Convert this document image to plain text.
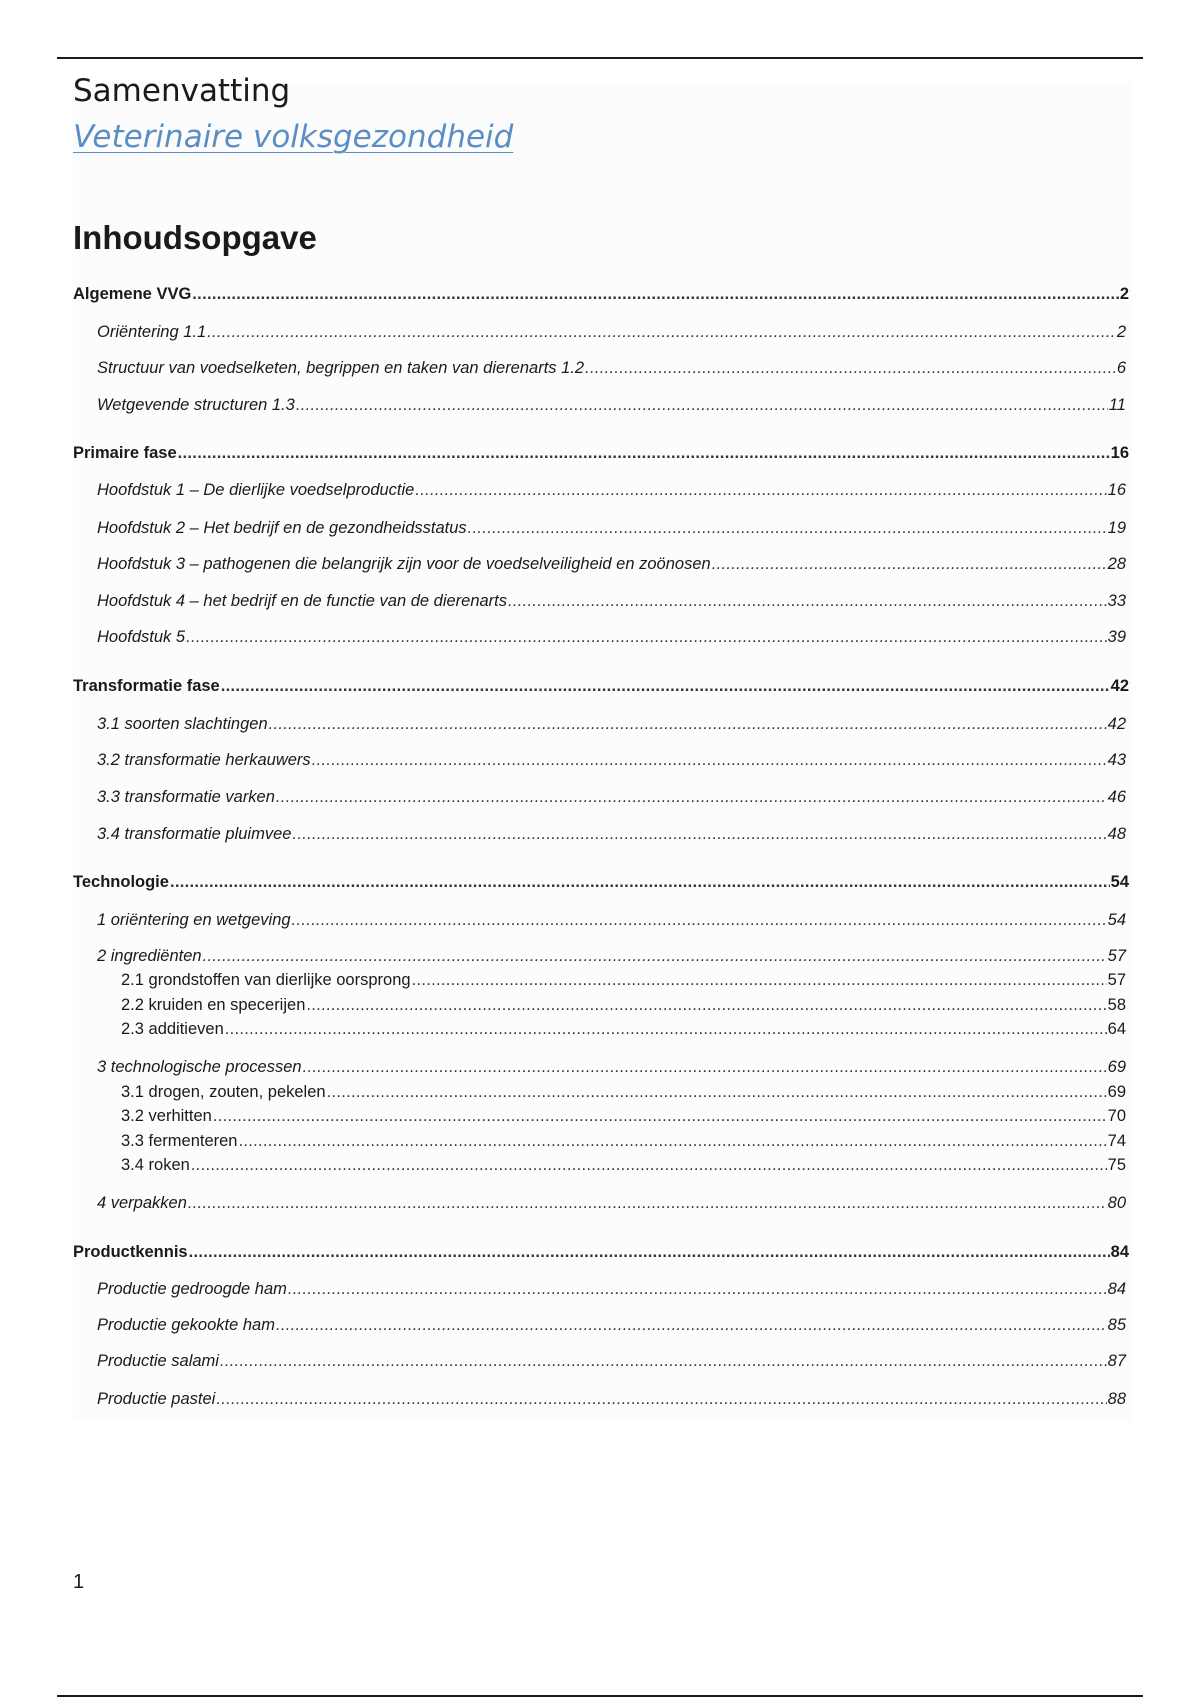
Samenvatting
Veterinaire volksgezondheid
Inhoudsopgave
Algemene VVG .....	2
Oriëntering 1.1 .....	2
Structuur van voedselketen, begrippen en taken van dierenarts 1.2 .....	6
Wetgevende structuren 1.3 .....	11
Primaire fase .....	16
Hoofdstuk 1 – De dierlijke voedselproductie .....	16
Hoofdstuk 2 – Het bedrijf en de gezondheidsstatus .....	19
Hoofdstuk 3 – pathogenen die belangrijk zijn voor de voedselveiligheid en zoönosen .....	28
Hoofdstuk 4 – het bedrijf en de functie van de dierenarts .....	33
Hoofdstuk 5 .....	39
Transformatie fase .....	42
3.1 soorten slachtingen .....	42
3.2 transformatie herkauwers .....	43
3.3 transformatie varken .....	46
3.4 transformatie pluimvee .....	48
Technologie .....	54
1 oriëntering en wetgeving .....	54
2 ingrediënten .....	57
2.1 grondstoffen van dierlijke oorsprong .....	57
2.2 kruiden en specerijen .....	58
2.3 additieven .....	64
3 technologische processen .....	69
3.1 drogen, zouten, pekelen .....	69
3.2 verhitten .....	70
3.3 fermenteren .....	74
3.4 roken .....	75
4 verpakken .....	80
Productkennis .....	84
Productie gedroogde ham .....	84
Productie gekookte ham .....	85
Productie salami .....	87
Productie pastei .....	88
1
